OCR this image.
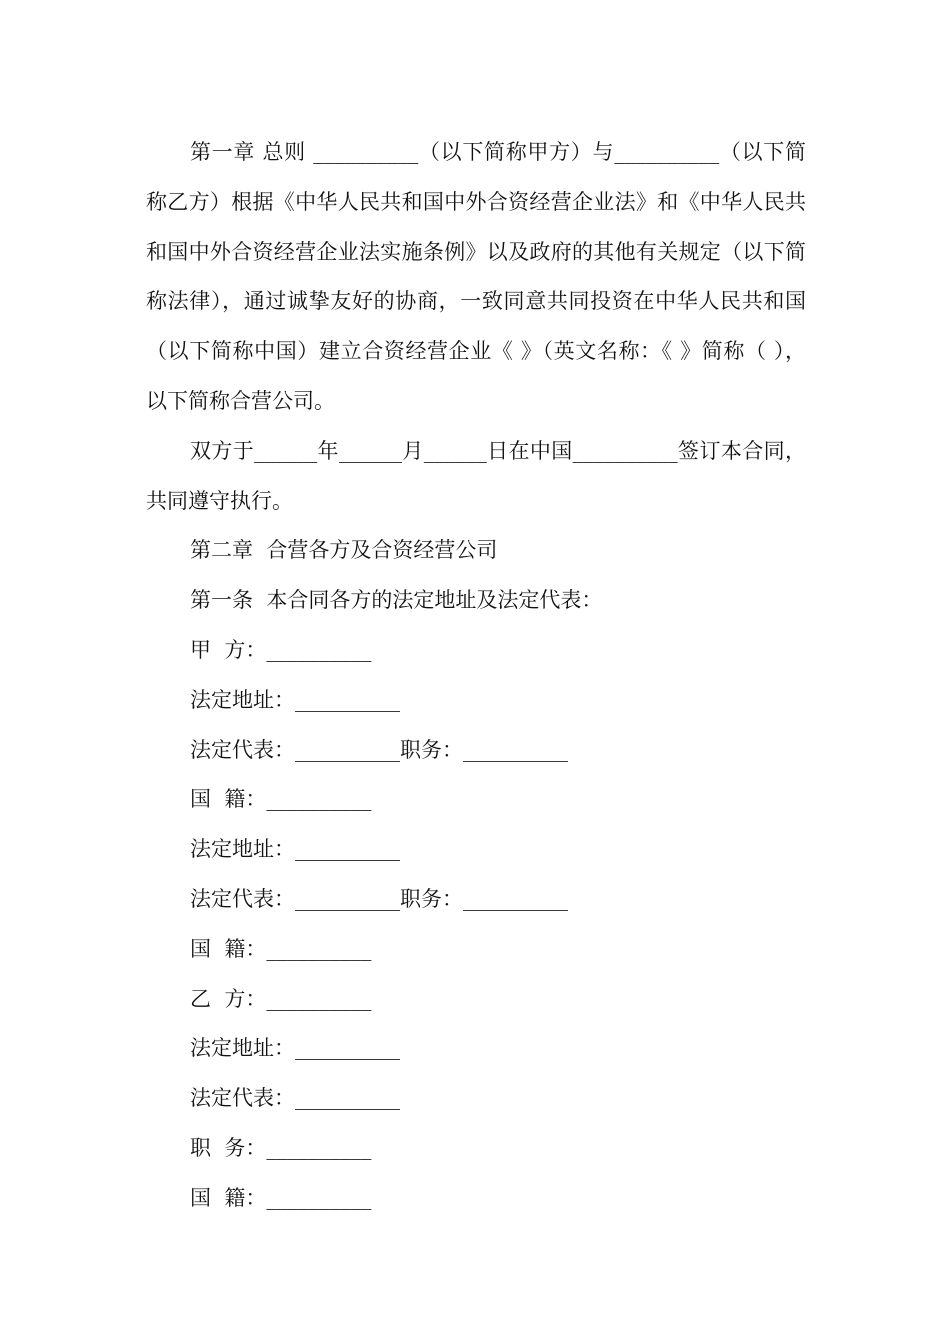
第一章 总则 __________（以下简称甲方）与__________（以下简称乙方）根据《中华人民共和国中外合资经营企业法》和《中华人民共和国中外合资经营企业法实施条例》以及政府的其他有关规定（以下简称法律），通过诚挚友好的协商，一致同意共同投资在中华人民共和国（以下简称中国）建立合资经营企业《 》（英文名称：《 》简称（ ），以下简称合营公司。

双方于______年______月______日在中国__________签订本合同，共同遵守执行。

第二章  合营各方及合资经营公司

第一条  本合同各方的法定地址及法定代表：

甲  方：__________

法定地址：__________

法定代表：__________职务：__________

国  籍：__________

法定地址：__________

法定代表：__________职务：__________

国  籍：__________

乙  方：__________

法定地址：__________

法定代表：__________

职  务：__________

国  籍：__________
